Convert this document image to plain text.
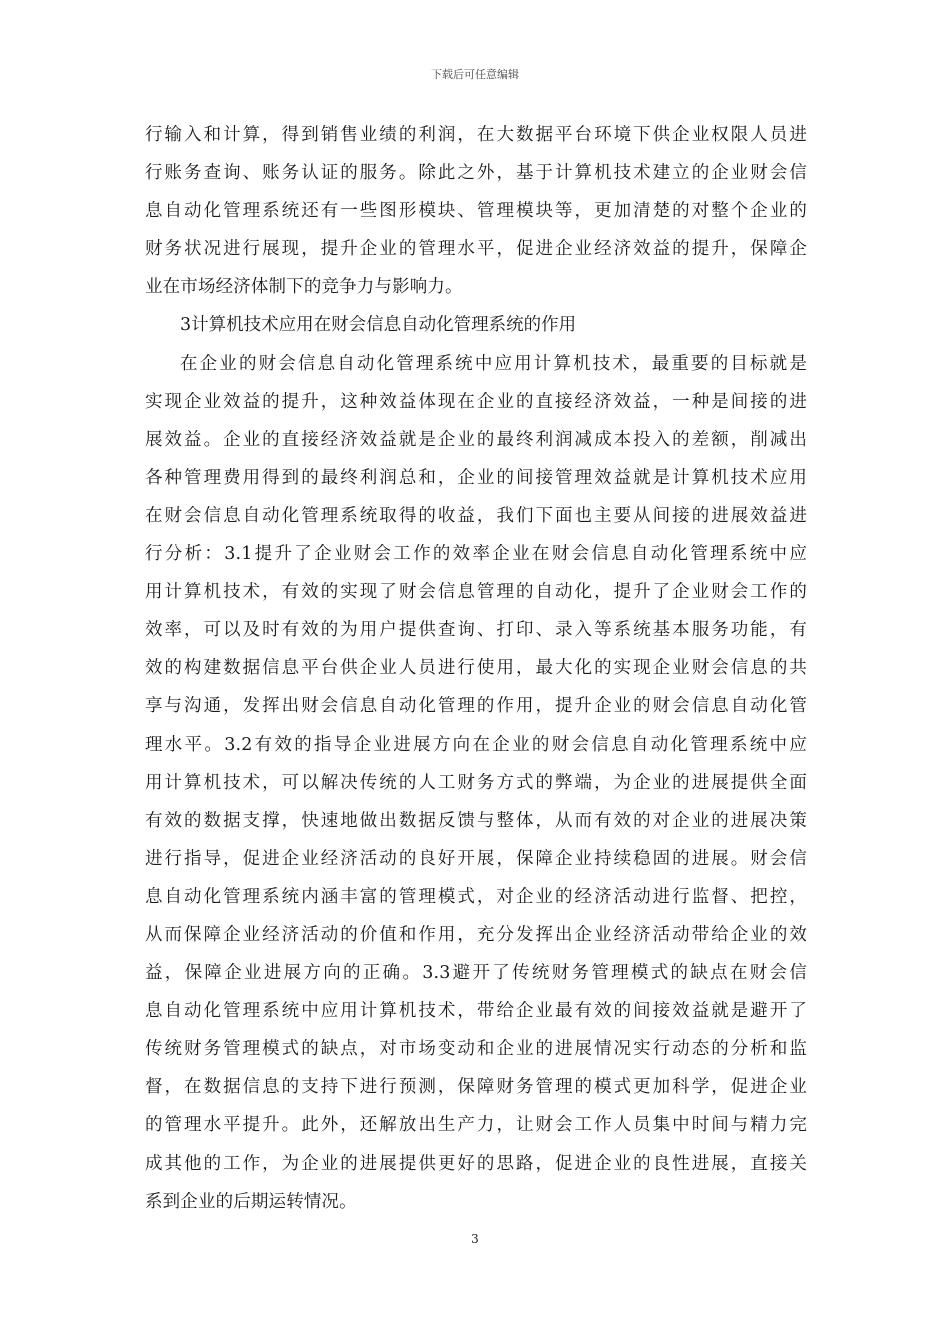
下载后可任意编辑
行输入和计算，得到销售业绩的利润，在大数据平台环境下供企业权限人员进
行账务查询、账务认证的服务。除此之外，基于计算机技术建立的企业财会信
息自动化管理系统还有一些图形模块、管理模块等，更加清楚的对整个企业的
财务状况进行展现，提升企业的管理水平，促进企业经济效益的提升，保障企
业在市场经济体制下的竞争力与影响力。
3计算机技术应用在财会信息自动化管理系统的作用
在企业的财会信息自动化管理系统中应用计算机技术，最重要的目标就是
实现企业效益的提升，这种效益体现在企业的直接经济效益，一种是间接的进
展效益。企业的直接经济效益就是企业的最终利润减成本投入的差额，削减出
各种管理费用得到的最终利润总和，企业的间接管理效益就是计算机技术应用
在财会信息自动化管理系统取得的收益，我们下面也主要从间接的进展效益进
行分析：3.1提升了企业财会工作的效率企业在财会信息自动化管理系统中应
用计算机技术，有效的实现了财会信息管理的自动化，提升了企业财会工作的
效率，可以及时有效的为用户提供查询、打印、录入等系统基本服务功能，有
效的构建数据信息平台供企业人员进行使用，最大化的实现企业财会信息的共
享与沟通，发挥出财会信息自动化管理的作用，提升企业的财会信息自动化管
理水平。3.2有效的指导企业进展方向在企业的财会信息自动化管理系统中应
用计算机技术，可以解决传统的人工财务方式的弊端，为企业的进展提供全面
有效的数据支撑，快速地做出数据反馈与整体，从而有效的对企业的进展决策
进行指导，促进企业经济活动的良好开展，保障企业持续稳固的进展。财会信
息自动化管理系统内涵丰富的管理模式，对企业的经济活动进行监督、把控，
从而保障企业经济活动的价值和作用，充分发挥出企业经济活动带给企业的效
益，保障企业进展方向的正确。3.3避开了传统财务管理模式的缺点在财会信
息自动化管理系统中应用计算机技术，带给企业最有效的间接效益就是避开了
传统财务管理模式的缺点，对市场变动和企业的进展情况实行动态的分析和监
督，在数据信息的支持下进行预测，保障财务管理的模式更加科学，促进企业
的管理水平提升。此外，还解放出生产力，让财会工作人员集中时间与精力完
成其他的工作，为企业的进展提供更好的思路，促进企业的良性进展，直接关
系到企业的后期运转情况。
3
